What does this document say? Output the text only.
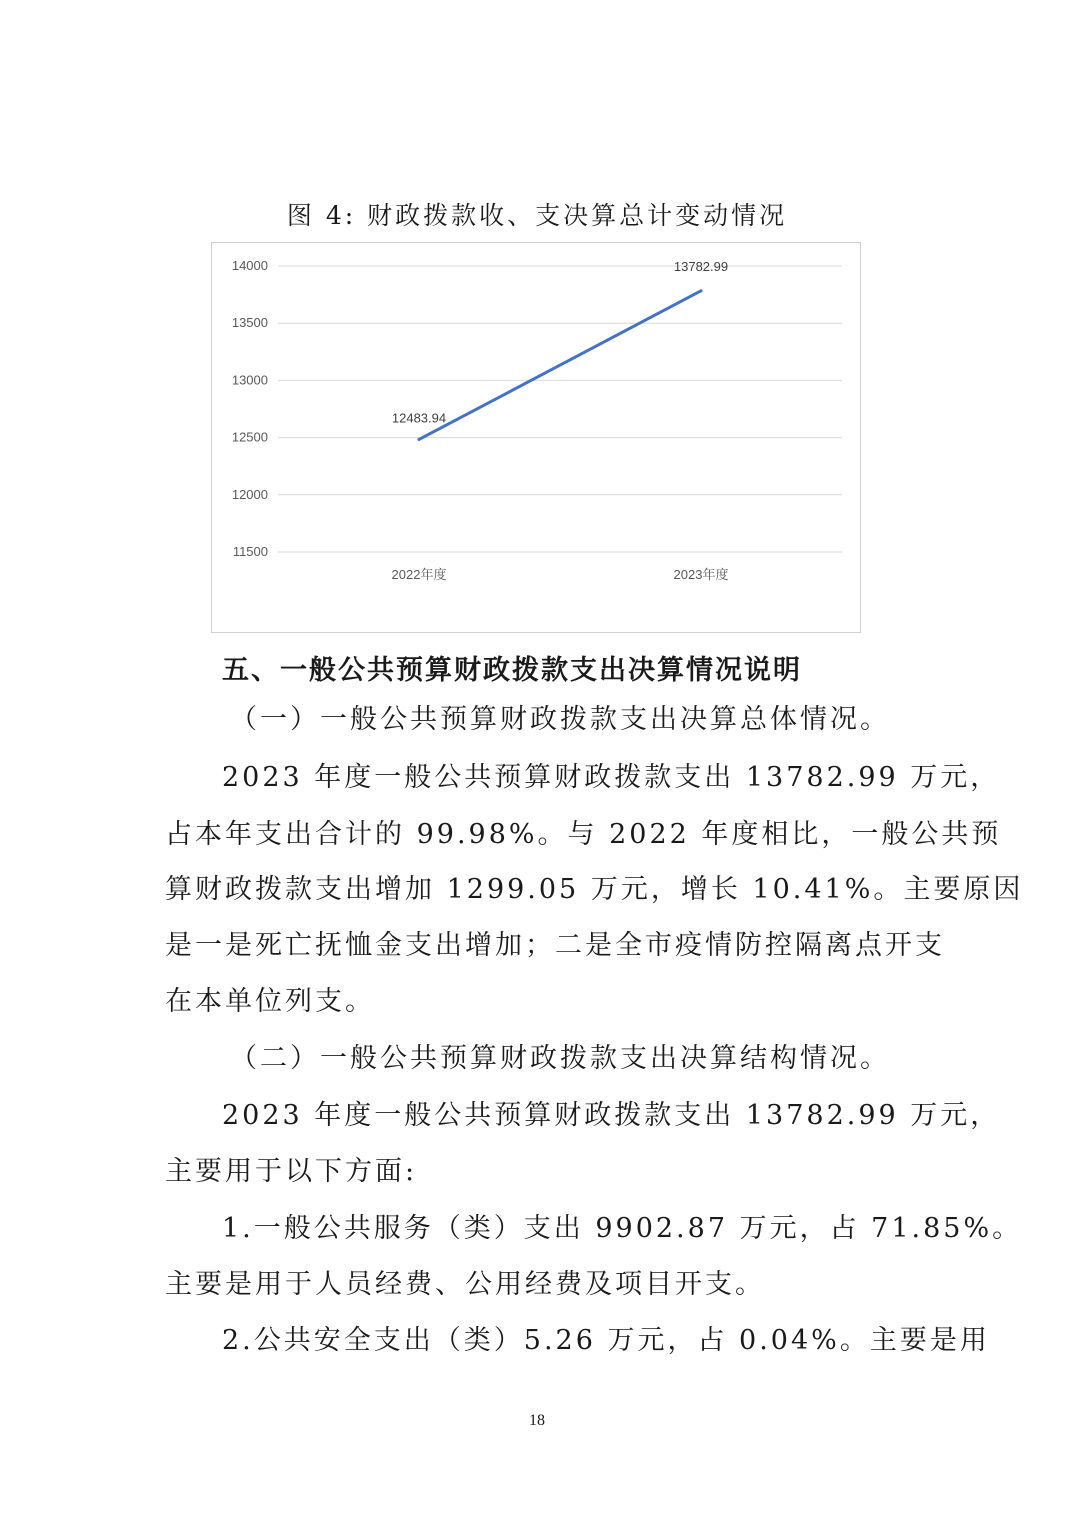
图 4: 财政拨款收、支决算总计变动情况
11500
12000
12500
13000
13500
14000
2022年度	2023年度
12483.94
13782.99
五、一般公共预算财政拨款支出决算情况说明
（一）一般公共预算财政拨款支出决算总体情况。
2023 年度一般公共预算财政拨款支出 13782.99 万元，
占本年支出合计的 99.98%。与 2022 年度相比，一般公共预
算财政拨款支出增加 1299.05 万元，增长 10.41%。主要原因
是一是死亡抚恤金支出增加；二是全市疫情防控隔离点开支
在本单位列支。
（二）一般公共预算财政拨款支出决算结构情况。
2023 年度一般公共预算财政拨款支出 13782.99 万元，
主要用于以下方面:
1.一般公共服务（类）支出 9902.87 万元，占 71.85%。
主要是用于人员经费、公用经费及项目开支。
2.公共安全支出（类）5.26 万元，占 0.04%。主要是用
18
